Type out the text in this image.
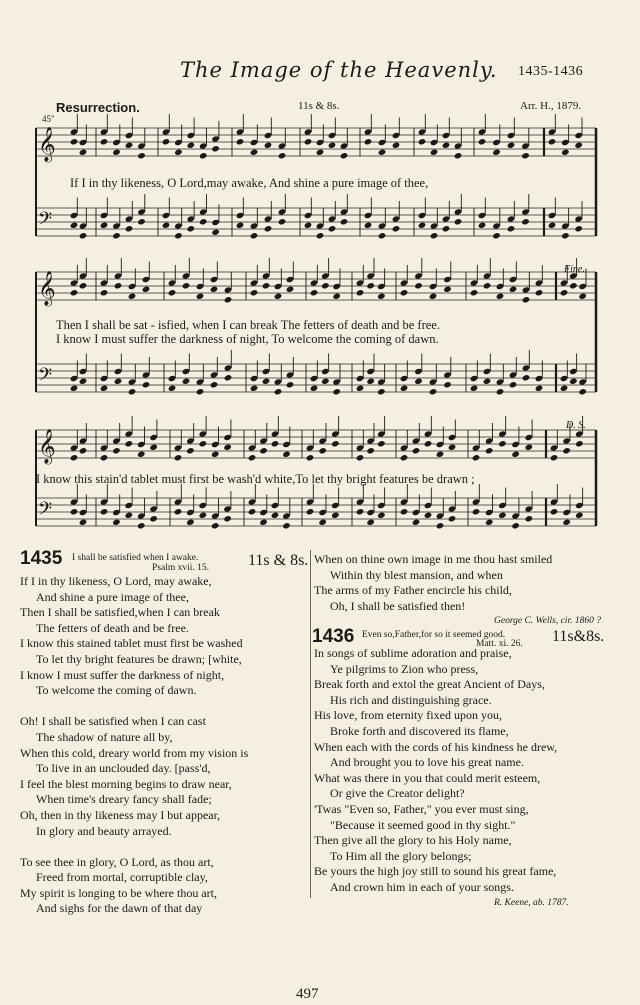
The Image of the Heavenly. 1435-1436
Resurrection.	11s & 8s.	Arr. H., 1879.
45"
𝄞
𝄢
𝄞
𝄢
𝄞
𝄢
If I in thy likeness, O Lord,may awake, And shine a pure image of thee,
Then I shall be sat - isfied, when I can break The fetters of death and be free.
I know I must suffer the darkness of night, To welcome the coming of dawn.
I know this stain'd tablet must first be wash'd white,To let thy bright features be drawn ;
Fine.
D. S.
1435 I shall be satisfied when I awake.
Psalm xvii. 15. 11s & 8s.
If I in thy likeness, O Lord, may awake,
And shine a pure image of thee,
Then I shall be satisfied,when I can break
The fetters of death and be free.
I know this stained tablet must first be washed
To let thy bright features be drawn; [white,
I know I must suffer the darkness of night,
To welcome the coming of dawn.
Oh! I shall be satisfied when I can cast
The shadow of nature all by,
When this cold, dreary world from my vision is
To live in an unclouded day. [pass'd,
I feel the blest morning begins to draw near,
When time's dreary fancy shall fade;
Oh, then in thy likeness may I but appear,
In glory and beauty arrayed.
To see thee in glory, O Lord, as thou art,
Freed from mortal, corruptible clay,
My spirit is longing to be where thou art,
And sighs for the dawn of that day
When on thine own image in me thou hast smiled
Within thy blest mansion, and when
The arms of my Father encircle his child,
Oh, I shall be satisfied then!
George C. Wells, cir. 1860 ?
1436 Even so,Father,for so it seemed good.
Matt. xi. 26. 11s&8s.
In songs of sublime adoration and praise,
Ye pilgrims to Zion who press,
Break forth and extol the great Ancient of Days,
His rich and distinguishing grace.
His love, from eternity fixed upon you,
Broke forth and discovered its flame,
When each with the cords of his kindness he drew,
And brought you to love his great name.
What was there in you that could merit esteem,
Or give the Creator delight?
'Twas "Even so, Father," you ever must sing,
"Because it seemed good in thy sight."
Then give all the glory to his Holy name,
To Him all the glory belongs;
Be yours the high joy still to sound his great fame,
And crown him in each of your songs.
R. Keene, ab. 1787.
497
